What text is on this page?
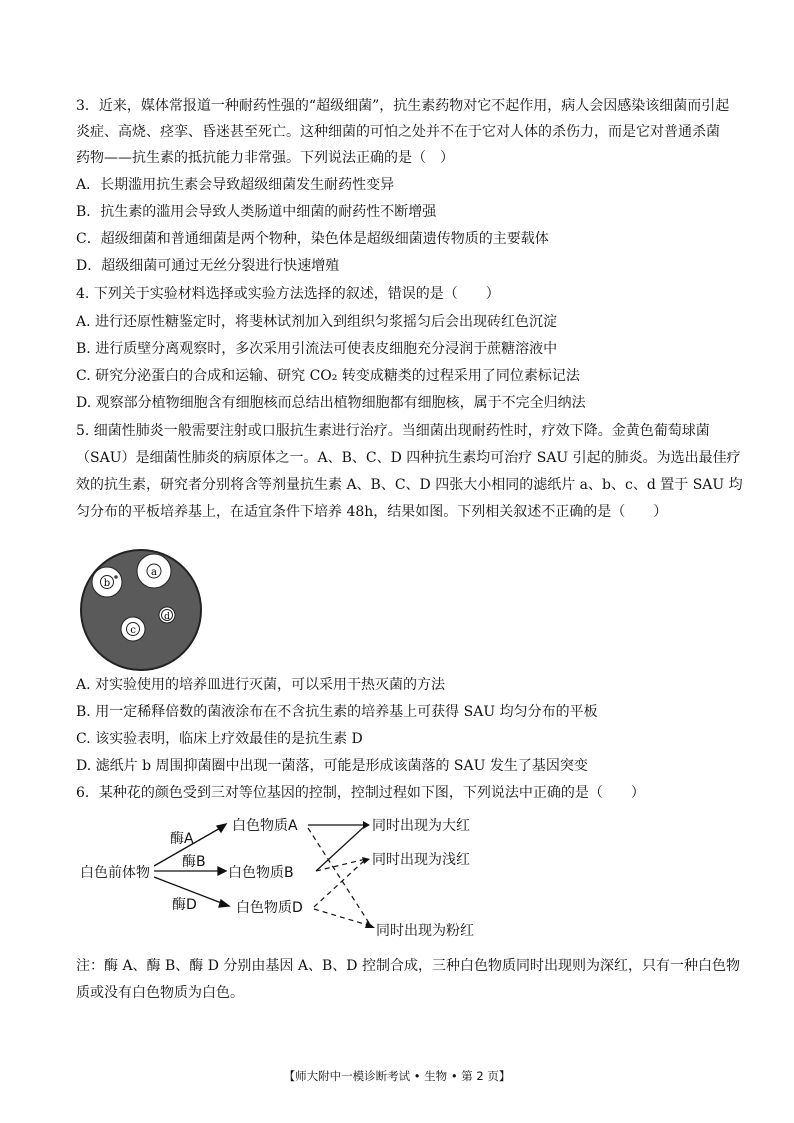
3．近来，媒体常报道一种耐药性强的“超级细菌”，抗生素药物对它不起作用，病人会因感染该细菌而引起
炎症、高烧、痉挛、昏迷甚至死亡。这种细菌的可怕之处并不在于它对人体的杀伤力，而是它对普通杀菌
药物——抗生素的抵抗能力非常强。下列说法正确的是（　）
A．长期滥用抗生素会导致超级细菌发生耐药性变异
B．抗生素的滥用会导致人类肠道中细菌的耐药性不断增强
C．超级细菌和普通细菌是两个物种，染色体是超级细菌遗传物质的主要载体
D．超级细菌可通过无丝分裂进行快速增殖
4. 下列关于实验材料选择或实验方法选择的叙述，错误的是（　　）
A. 进行还原性糖鉴定时，将斐林试剂加入到组织匀浆摇匀后会出现砖红色沉淀
B. 进行质壁分离观察时，多次采用引流法可使表皮细胞充分浸润于蔗糖溶液中
C. 研究分泌蛋白的合成和运输、研究 CO₂ 转变成糖类的过程采用了同位素标记法
D. 观察部分植物细胞含有细胞核而总结出植物细胞都有细胞核，属于不完全归纳法
5. 细菌性肺炎一般需要注射或口服抗生素进行治疗。当细菌出现耐药性时，疗效下降。金黄色葡萄球菌
（SAU）是细菌性肺炎的病原体之一。A、B、C、D 四种抗生素均可治疗 SAU 引起的肺炎。为选出最佳疗
效的抗生素，研究者分别将含等剂量抗生素 A、B、C、D 四张大小相同的滤纸片 a、b、c、d 置于 SAU 均
匀分布的平板培养基上，在适宜条件下培养 48h，结果如图。下列相关叙述不正确的是（　　）
a
b
c
d
A. 对实验使用的培养皿进行灭菌，可以采用干热灭菌的方法
B. 用一定稀释倍数的菌液涂布在不含抗生素的培养基上可获得 SAU 均匀分布的平板
C. 该实验表明，临床上疗效最佳的是抗生素 D
D. 滤纸片 b 周围抑菌圈中出现一菌落，可能是形成该菌落的 SAU 发生了基因突变
6．某种花的颜色受到三对等位基因的控制，控制过程如下图，下列说法中正确的是（　　）
白色前体物
酶A
酶B
酶D
白色物质A
白色物质B
白色物质D
同时出现为大红
同时出现为浅红
同时出现为粉红
注：酶 A、酶 B、酶 D 分别由基因 A、B、D 控制合成，三种白色物质同时出现则为深红，只有一种白色物
质或没有白色物质为白色。
【师大附中一模诊断考试 • 生物 • 第 2 页】
